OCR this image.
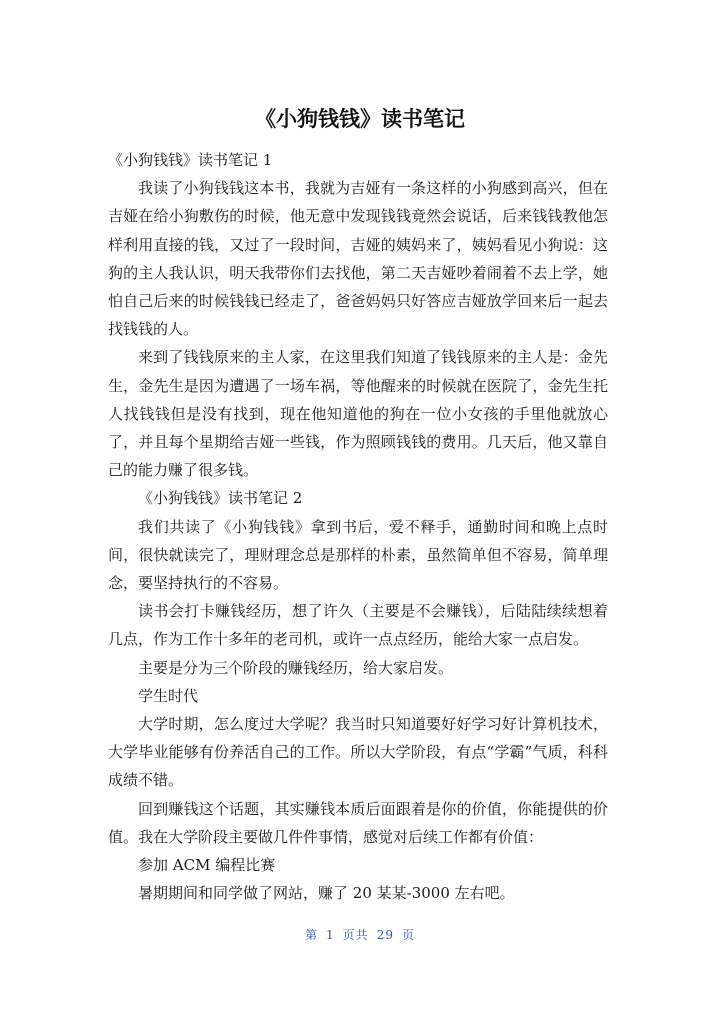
《小狗钱钱》读书笔记

《小狗钱钱》读书笔记 1

我读了小狗钱钱这本书，我就为吉娅有一条这样的小狗感到高兴，但在吉娅在给小狗敷伤的时候，他无意中发现钱钱竟然会说话，后来钱钱教他怎样利用直接的钱，又过了一段时间，吉娅的姨妈来了，姨妈看见小狗说：这狗的主人我认识，明天我带你们去找他，第二天吉娅吵着闹着不去上学，她怕自己后来的时候钱钱已经走了，爸爸妈妈只好答应吉娅放学回来后一起去找钱钱的人。

来到了钱钱原来的主人家，在这里我们知道了钱钱原来的主人是：金先生，金先生是因为遭遇了一场车祸，等他醒来的时候就在医院了，金先生托人找钱钱但是没有找到，现在他知道他的狗在一位小女孩的手里他就放心了，并且每个星期给吉娅一些钱，作为照顾钱钱的费用。几天后，他又靠自己的能力赚了很多钱。

《小狗钱钱》读书笔记 2

我们共读了《小狗钱钱》拿到书后，爱不释手，通勤时间和晚上点时间，很快就读完了，理财理念总是那样的朴素，虽然简单但不容易，简单理念，要坚持执行的不容易。

读书会打卡赚钱经历，想了许久（主要是不会赚钱），后陆陆续续想着几点，作为工作十多年的老司机，或许一点点经历，能给大家一点启发。

主要是分为三个阶段的赚钱经历，给大家启发。

学生时代

大学时期，怎么度过大学呢？我当时只知道要好好学习好计算机技术，大学毕业能够有份养活自己的工作。所以大学阶段，有点“学霸”气质，科科成绩不错。

回到赚钱这个话题，其实赚钱本质后面跟着是你的价值，你能提供的价值。我在大学阶段主要做几件件事情，感觉对后续工作都有价值：

参加 ACM 编程比赛

暑期期间和同学做了网站，赚了 20 某某-3000 左右吧。

第 1 页共 29 页
